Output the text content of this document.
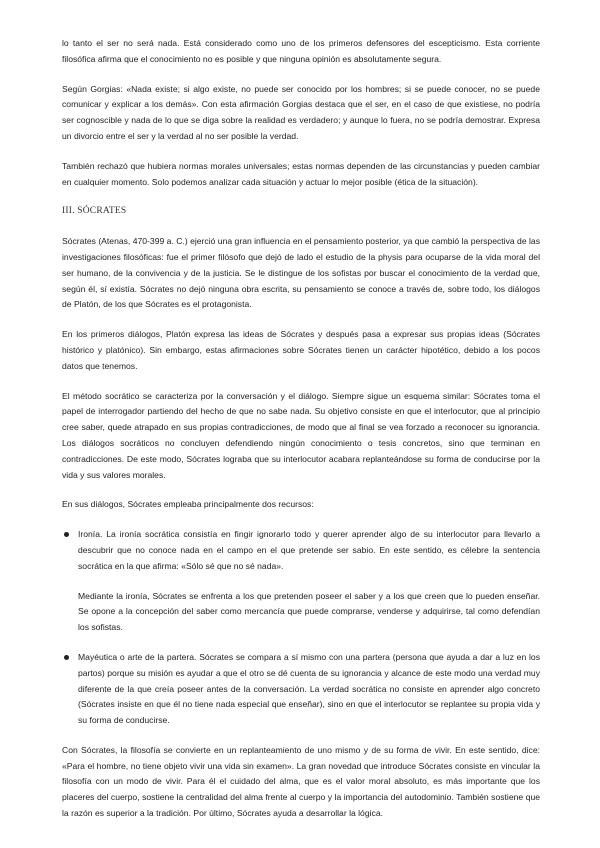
lo tanto el ser no será nada. Está considerado como uno de los primeros defensores del escepticismo. Esta corriente filosófica afirma que el conocimiento no es posible y que ninguna opinión es absolutamente segura.

Según Gorgias: «Nada existe; si algo existe, no puede ser conocido por los hombres; si se puede conocer, no se puede comunicar y explicar a los demás». Con esta afirmación Gorgias destaca que el ser, en el caso de que existiese, no podría ser cognoscible y nada de lo que se diga sobre la realidad es verdadero; y aunque lo fuera, no se podría demostrar. Expresa un divorcio entre el ser y la verdad al no ser posible la verdad.

También rechazó que hubiera normas morales universales; estas normas dependen de las circunstancias y pueden cambiar en cualquier momento. Solo podemos analizar cada situación y actuar lo mejor posible (ética de la situación).

III. SÓCRATES

Sócrates (Atenas, 470-399 a. C.) ejerció una gran influencia en el pensamiento posterior, ya que cambió la perspectiva de las investigaciones filosóficas: fue el primer filósofo que dejó de lado el estudio de la physis para ocuparse de la vida moral del ser humano, de la convivencia y de la justicia. Se le distingue de los sofistas por buscar el conocimiento de la verdad que, según él, sí existía. Sócrates no dejó ninguna obra escrita, su pensamiento se conoce a través de, sobre todo, los diálogos de Platón, de los que Sócrates es el protagonista.

En los primeros diálogos, Platón expresa las ideas de Sócrates y después pasa a expresar sus propias ideas (Sócrates histórico y platónico). Sin embargo, estas afirmaciones sobre Sócrates tienen un carácter hipotético, debido a los pocos datos que tenemos.

El método socrático se caracteriza por la conversación y el diálogo. Siempre sigue un esquema similar: Sócrates toma el papel de interrogador partiendo del hecho de que no sabe nada. Su objetivo consiste en que el interlocutor, que al principio cree saber, quede atrapado en sus propias contradicciones, de modo que al final se vea forzado a reconocer su ignorancia. Los diálogos socráticos no concluyen defendiendo ningún conocimiento o tesis concretos, sino que terminan en contradicciones. De este modo, Sócrates lograba que su interlocutor acabara replanteándose su forma de conducirse por la vida y sus valores morales.

En sus diálogos, Sócrates empleaba principalmente dos recursos:

Ironía. La ironía socrática consistía en fingir ignorarlo todo y querer aprender algo de su interlocutor para llevarlo a descubrir que no conoce nada en el campo en el que pretende ser sabio. En este sentido, es célebre la sentencia socrática en la que afirma: «Sólo sé que no sé nada».

Mediante la ironía, Sócrates se enfrenta a los que pretenden poseer el saber y a los que creen que lo pueden enseñar. Se opone a la concepción del saber como mercancía que puede comprarse, venderse y adquirirse, tal como defendían los sofistas.

Mayéutica o arte de la partera. Sócrates se compara a sí mismo con una partera (persona que ayuda a dar a luz en los partos) porque su misión es ayudar a que el otro se dé cuenta de su ignorancia y alcance de este modo una verdad muy diferente de la que creía poseer antes de la conversación. La verdad socrática no consiste en aprender algo concreto (Sócrates insiste en que él no tiene nada especial que enseñar), sino en que el interlocutor se replantee su propia vida y su forma de conducirse.

Con Sócrates, la filosofía se convierte en un replanteamiento de uno mismo y de su forma de vivir. En este sentido, dice: «Para el hombre, no tiene objeto vivir una vida sin examen». La gran novedad que introduce Sócrates consiste en vincular la filosofía con un modo de vivir. Para él el cuidado del alma, que es el valor moral absoluto, es más importante que los placeres del cuerpo, sostiene la centralidad del alma frente al cuerpo y la importancia del autodominio. También sostiene que la razón es superior a la tradición. Por último, Sócrates ayuda a desarrollar la lógica.
